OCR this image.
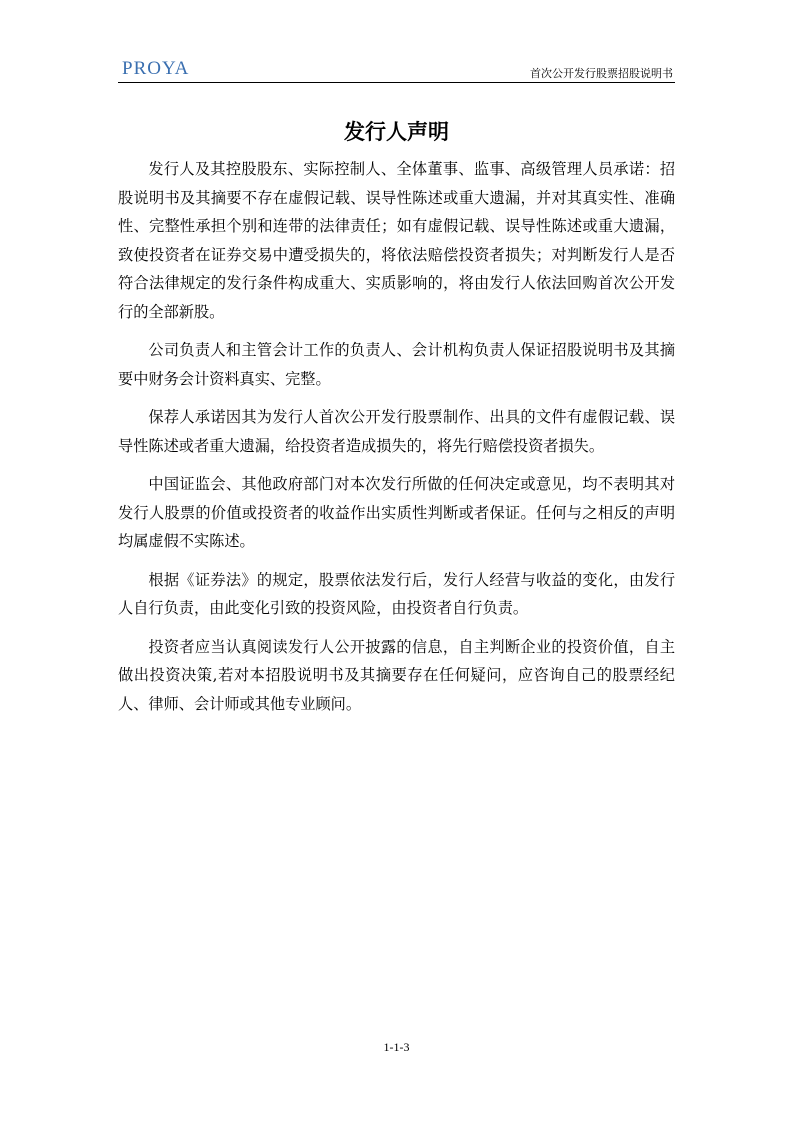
PROYA	首次公开发行股票招股说明书
发行人声明

发行人及其控股股东、实际控制人、全体董事、监事、高级管理人员承诺：招股说明书及其摘要不存在虚假记载、误导性陈述或重大遗漏，并对其真实性、准确性、完整性承担个别和连带的法律责任；如有虚假记载、误导性陈述或重大遗漏，致使投资者在证券交易中遭受损失的，将依法赔偿投资者损失；对判断发行人是否符合法律规定的发行条件构成重大、实质影响的，将由发行人依法回购首次公开发行的全部新股。

公司负责人和主管会计工作的负责人、会计机构负责人保证招股说明书及其摘要中财务会计资料真实、完整。

保荐人承诺因其为发行人首次公开发行股票制作、出具的文件有虚假记载、误导性陈述或者重大遗漏，给投资者造成损失的，将先行赔偿投资者损失。

中国证监会、其他政府部门对本次发行所做的任何决定或意见，均不表明其对发行人股票的价值或投资者的收益作出实质性判断或者保证。任何与之相反的声明均属虚假不实陈述。

根据《证券法》的规定，股票依法发行后，发行人经营与收益的变化，由发行人自行负责，由此变化引致的投资风险，由投资者自行负责。

投资者应当认真阅读发行人公开披露的信息，自主判断企业的投资价值，自主做出投资决策,若对本招股说明书及其摘要存在任何疑问，应咨询自己的股票经纪人、律师、会计师或其他专业顾问。

1-1-3
